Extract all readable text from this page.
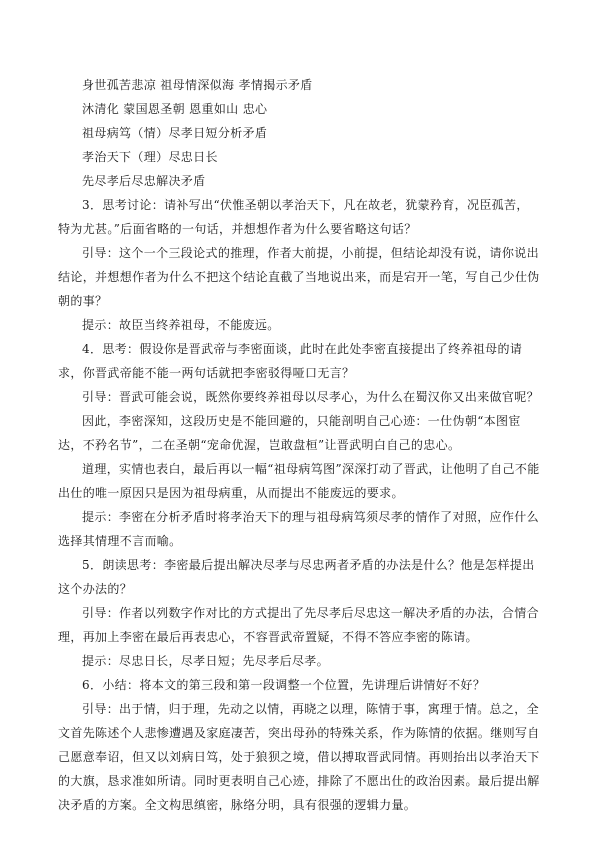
身世孤苦悲凉 祖母情深似海 孝情揭示矛盾

沐清化 蒙国恩圣朝 恩重如山 忠心

祖母病笃（情）尽孝日短分析矛盾

孝治天下（理）尽忠日长

先尽孝后尽忠解决矛盾

3．思考讨论：请补写出“伏惟圣朝以孝治天下，凡在故老，犹蒙矜育，况臣孤苦，特为尤甚。”后面省略的一句话，并想想作者为什么要省略这句话？

引导：这个一个三段论式的推理，作者大前提，小前提，但结论却没有说，请你说出结论，并想想作者为什么不把这个结论直截了当地说出来，而是宕开一笔，写自己少仕伪朝的事？

提示：故臣当终养祖母，不能废远。

4．思考：假设你是晋武帝与李密面谈，此时在此处李密直接提出了终养祖母的请求，你晋武帝能不能一两句话就把李密驳得哑口无言？

引导：晋武可能会说，既然你要终养祖母以尽孝心，为什么在蜀汉你又出来做官呢？

因此，李密深知，这段历史是不能回避的，只能剖明自己心迹：一仕伪朝“本图宦达，不矜名节”，二在圣朝“宠命优渥，岂敢盘桓”让晋武明白自己的忠心。

道理，实情也表白，最后再以一幅“祖母病笃图”深深打动了晋武，让他明了自己不能出仕的唯一原因只是因为祖母病重，从而提出不能废远的要求。

提示：李密在分析矛盾时将孝治天下的理与祖母病笃须尽孝的情作了对照，应作什么选择其情理不言而喻。

5．朗读思考：李密最后提出解决尽孝与尽忠两者矛盾的办法是什么？他是怎样提出这个办法的？

引导：作者以列数字作对比的方式提出了先尽孝后尽忠这一解决矛盾的办法，合情合理，再加上李密在最后再表忠心，不容晋武帝置疑，不得不答应李密的陈请。

提示：尽忠日长，尽孝日短；先尽孝后尽孝。

6．小结：将本文的第三段和第一段调整一个位置，先讲理后讲情好不好？

引导：出于情，归于理，先动之以情，再晓之以理，陈情于事，寓理于情。总之，全文首先陈述个人悲惨遭遇及家庭凄苦，突出母孙的特殊关系，作为陈情的依据。继则写自己愿意奉诏，但又以刘病日笃，处于狼狈之境，借以搏取晋武同情。再则抬出以孝治天下的大旗，恳求准如所请。同时更表明自己心迹，排除了不愿出仕的政治因素。最后提出解决矛盾的方案。全文构思缜密，脉络分明，具有很强的逻辑力量。
